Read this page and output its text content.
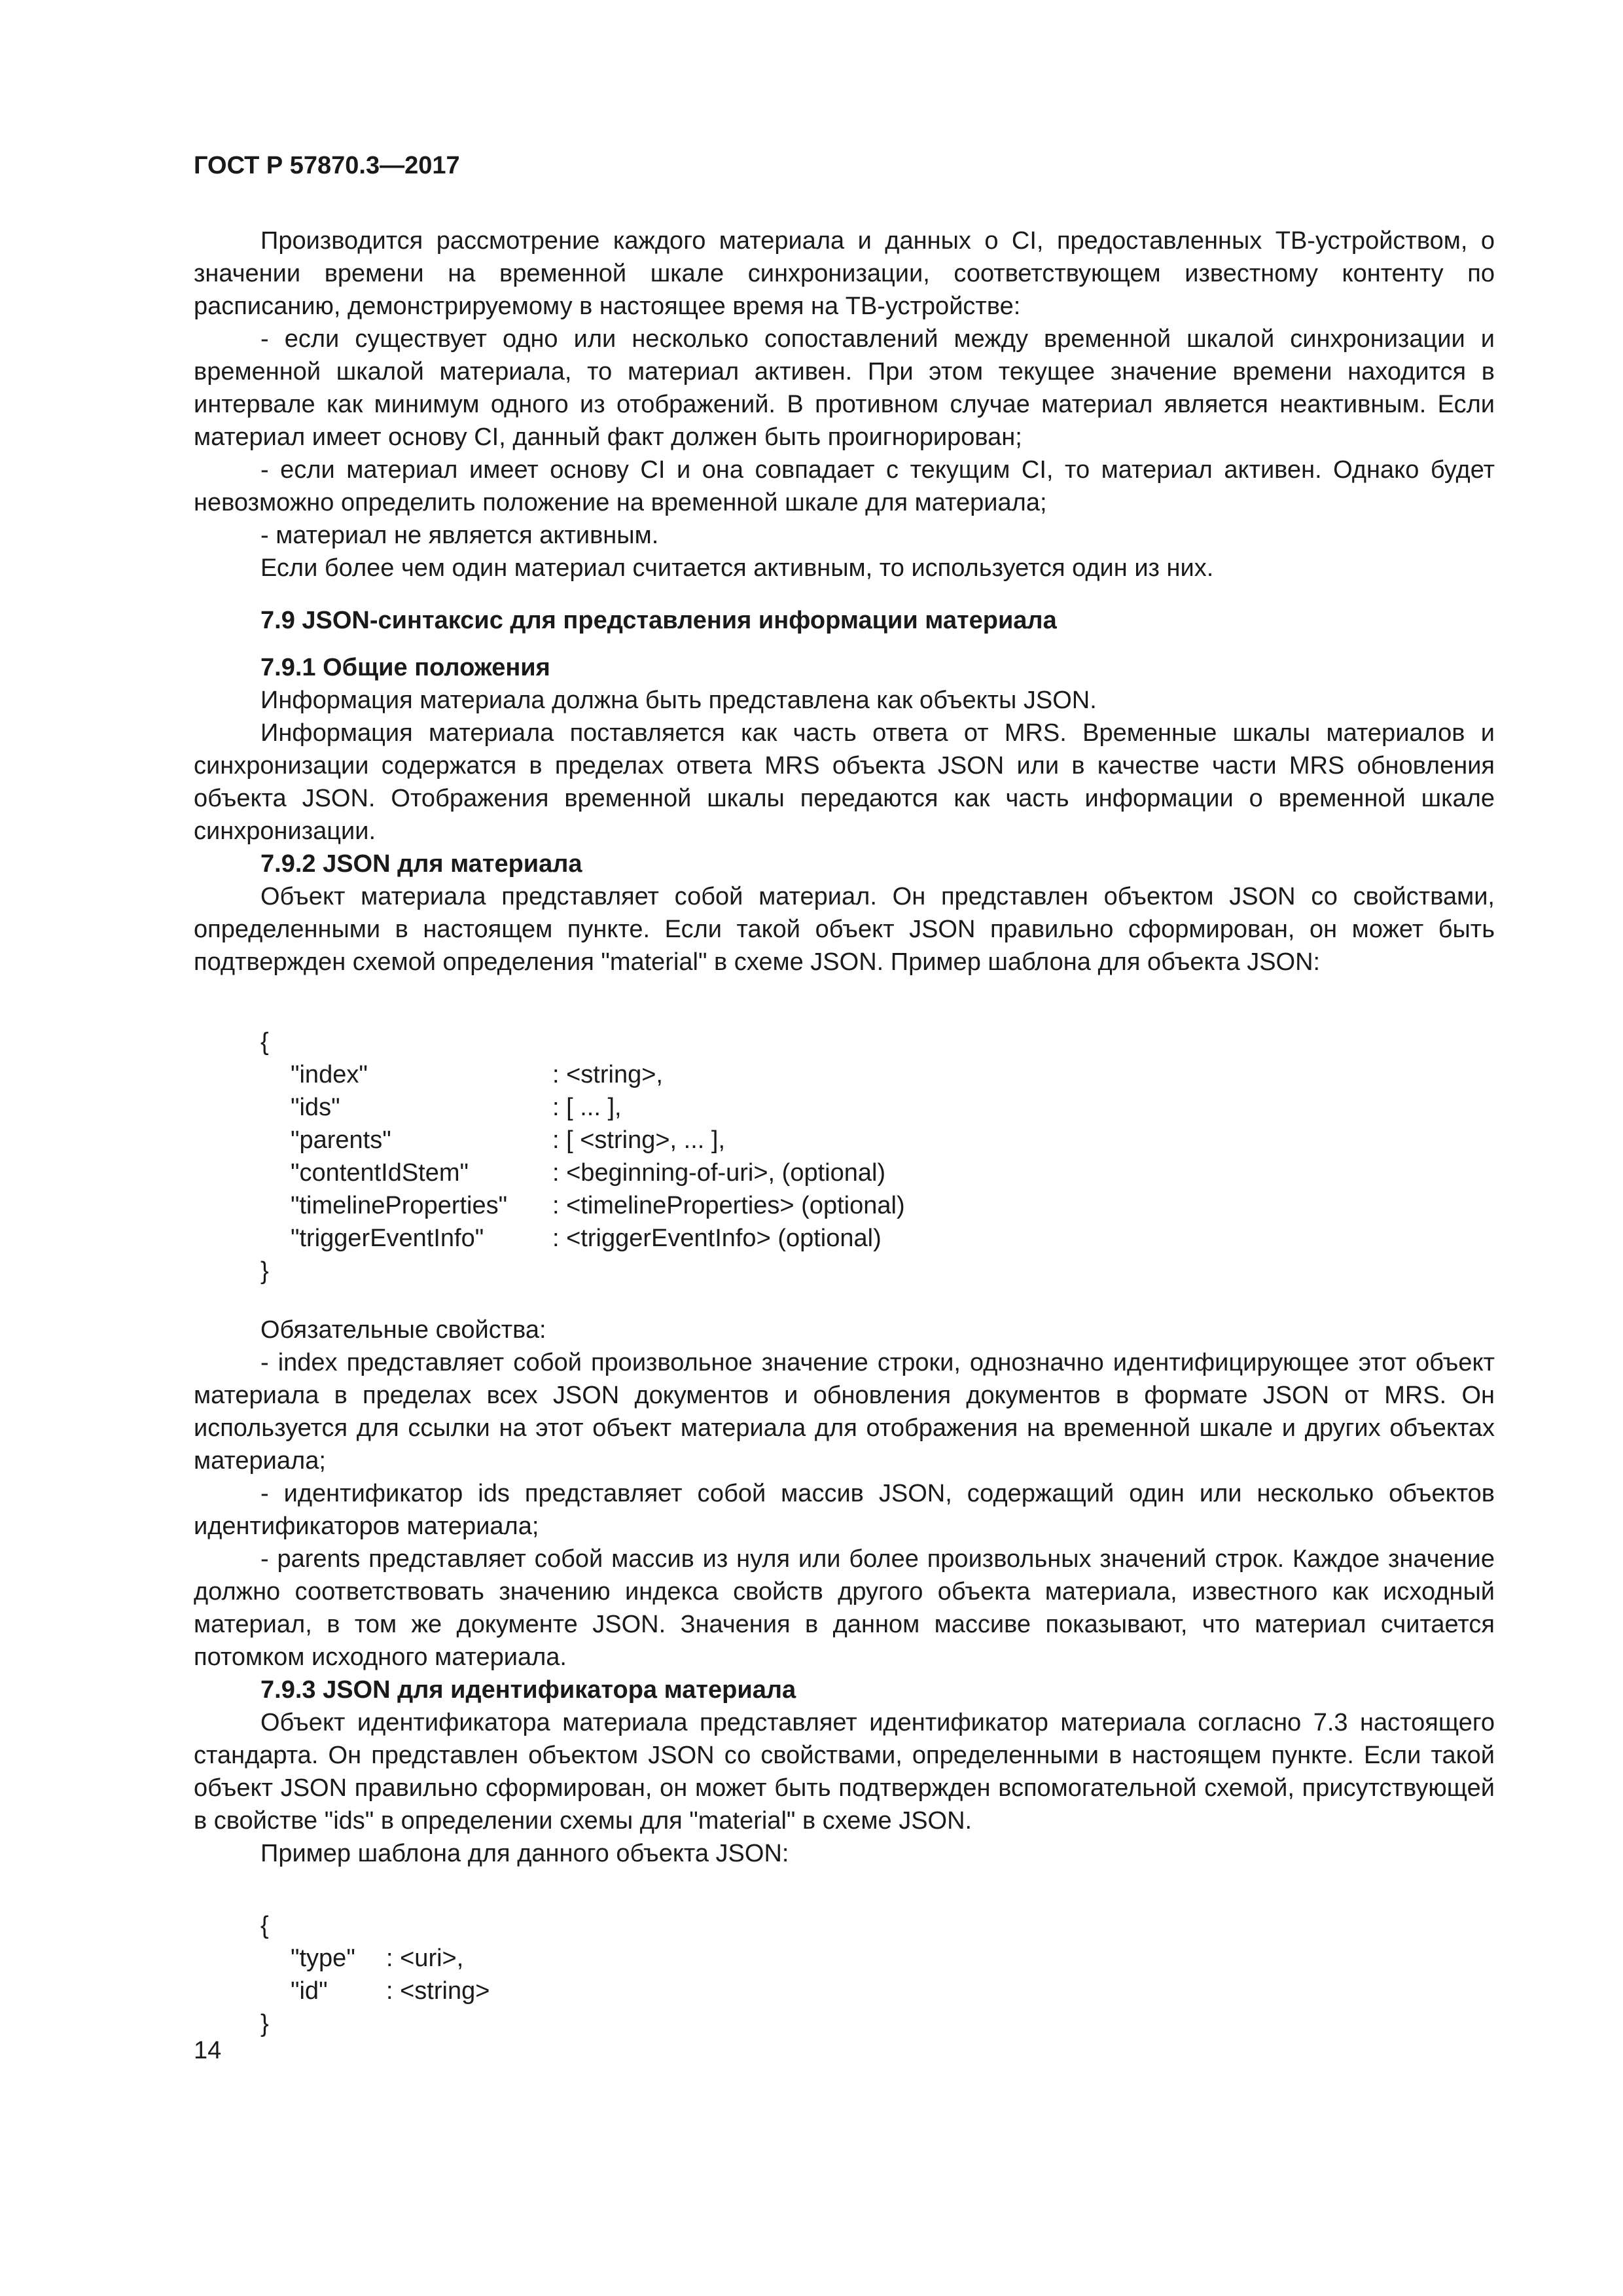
ГОСТ Р 57870.3—2017

Производится рассмотрение каждого материала и данных о CI, предоставленных ТВ-устройством, о значении времени на временной шкале синхронизации, соответствующем известному контенту по расписанию, демонстрируемому в настоящее время на ТВ-устройстве:

- если существует одно или несколько сопоставлений между временной шкалой синхронизации и временной шкалой материала, то материал активен. При этом текущее значение времени находится в интервале как минимум одного из отображений. В противном случае материал является неактивным. Если материал имеет основу CI, данный факт должен быть проигнорирован;

- если материал имеет основу CI и она совпадает с текущим CI, то материал активен. Однако будет невозможно определить положение на временной шкале для материала;

- материал не является активным.

Если более чем один материал считается активным, то используется один из них.

7.9 JSON-синтаксис для представления информации материала

7.9.1 Общие положения

Информация материала должна быть представлена как объекты JSON.

Информация материала поставляется как часть ответа от MRS. Временные шкалы материалов и синхронизации содержатся в пределах ответа MRS объекта JSON или в качестве части MRS обновления объекта JSON. Отображения временной шкалы передаются как часть информации о временной шкале синхронизации.

7.9.2 JSON для материала

Объект материала представляет собой материал. Он представлен объектом JSON со свойствами, определенными в настоящем пункте. Если такой объект JSON правильно сформирован, он может быть подтвержден схемой определения "material" в схеме JSON. Пример шаблона для объекта JSON:

{
"index"	: <string>,
"ids"	: [ ... ],
"parents"	: [ <string>, ... ],
"contentIdStem"	: <beginning-of-uri>, (optional)
"timelineProperties"	: <timelineProperties> (optional)
"triggerEventInfo"	: <triggerEventInfo> (optional)
}

Обязательные свойства:

- index представляет собой произвольное значение строки, однозначно идентифицирующее этот объект материала в пределах всех JSON документов и обновления документов в формате JSON от MRS. Он используется для ссылки на этот объект материала для отображения на временной шкале и других объектах материала;

- идентификатор ids представляет собой массив JSON, содержащий один или несколько объектов идентификаторов материала;

- parents представляет собой массив из нуля или более произвольных значений строк. Каждое значение должно соответствовать значению индекса свойств другого объекта материала, известного как исходный материал, в том же документе JSON. Значения в данном массиве показывают, что материал считается потомком исходного материала.

7.9.3 JSON для идентификатора материала

Объект идентификатора материала представляет идентификатор материала согласно 7.3 настоящего стандарта. Он представлен объектом JSON со свойствами, определенными в настоящем пункте. Если такой объект JSON правильно сформирован, он может быть подтвержден вспомогательной схемой, присутствующей в свойстве "ids" в определении схемы для "material" в схеме JSON.

Пример шаблона для данного объекта JSON:

{
"type"	: <uri>,
"id"	: <string>
}
14
